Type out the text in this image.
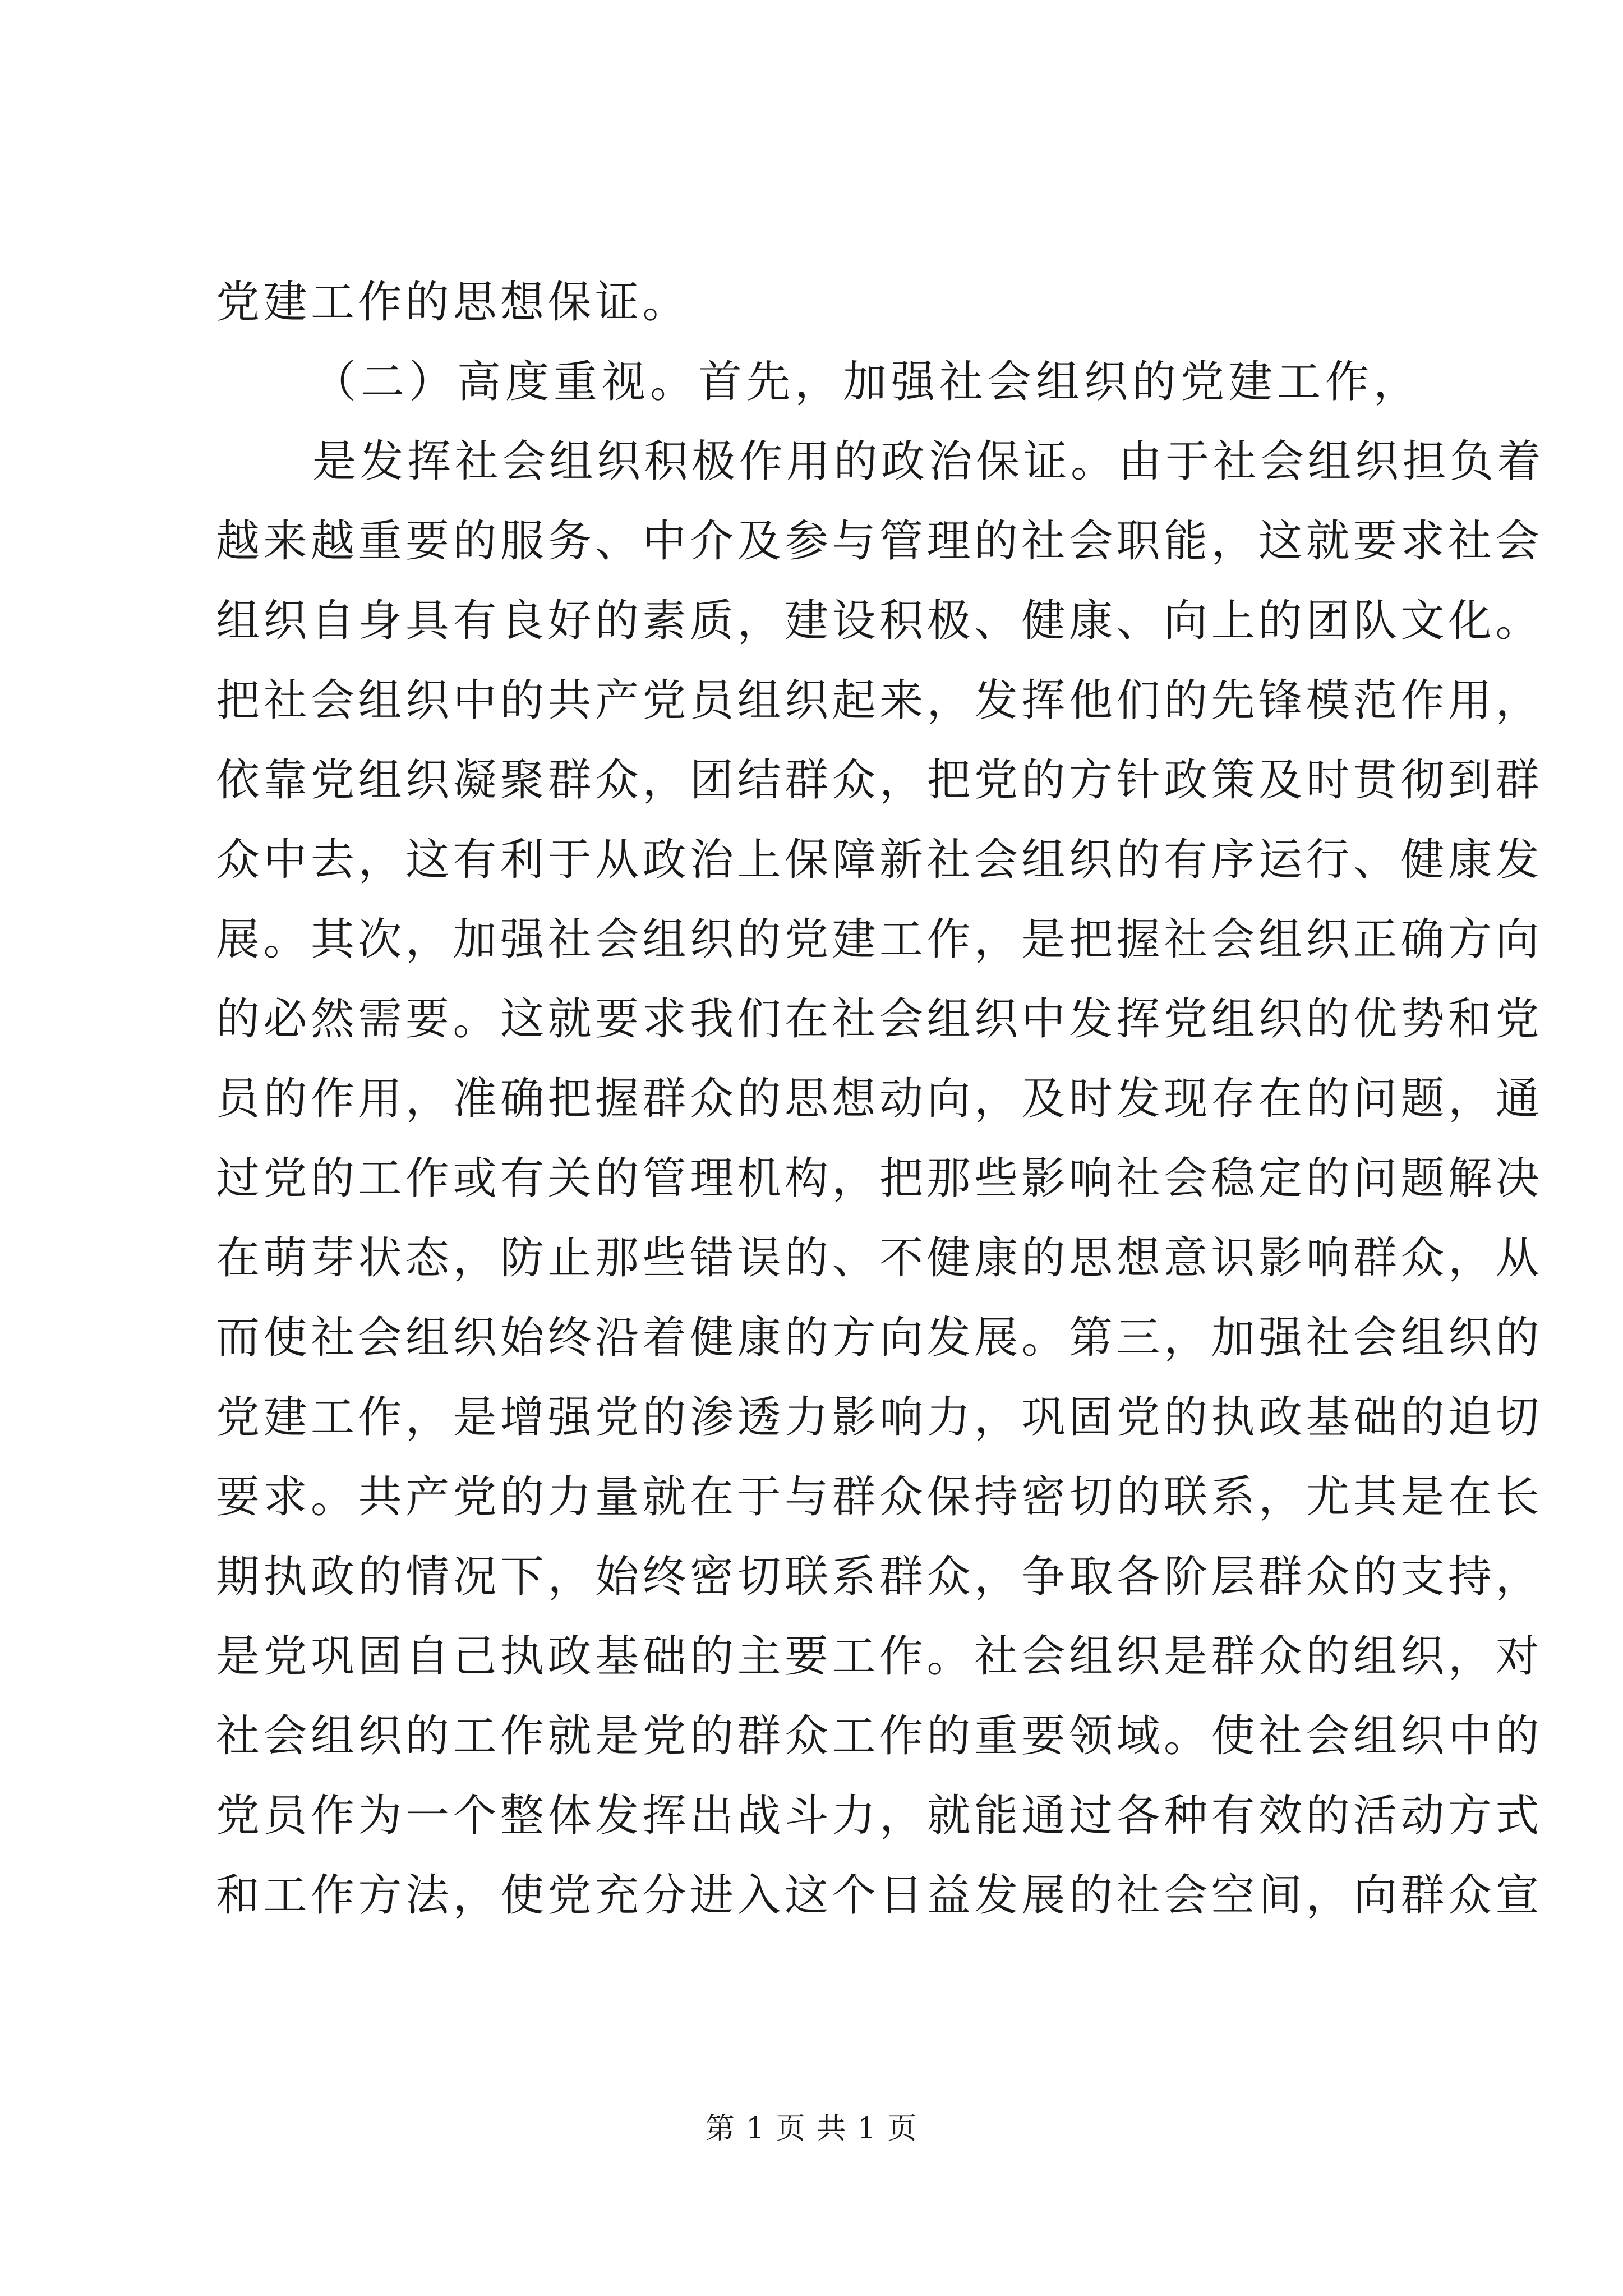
党建工作的思想保证。
（二）高度重视。首先，加强社会组织的党建工作，
是发挥社会组织积极作用的政治保证。由于社会组织担负着
越来越重要的服务、中介及参与管理的社会职能，这就要求社会
组织自身具有良好的素质，建设积极、健康、向上的团队文化。
把社会组织中的共产党员组织起来，发挥他们的先锋模范作用，
依靠党组织凝聚群众，团结群众，把党的方针政策及时贯彻到群
众中去，这有利于从政治上保障新社会组织的有序运行、健康发
展。其次，加强社会组织的党建工作，是把握社会组织正确方向
的必然需要。这就要求我们在社会组织中发挥党组织的优势和党
员的作用，准确把握群众的思想动向，及时发现存在的问题，通
过党的工作或有关的管理机构，把那些影响社会稳定的问题解决
在萌芽状态，防止那些错误的、不健康的思想意识影响群众，从
而使社会组织始终沿着健康的方向发展。第三，加强社会组织的
党建工作，是增强党的渗透力影响力，巩固党的执政基础的迫切
要求。共产党的力量就在于与群众保持密切的联系，尤其是在长
期执政的情况下，始终密切联系群众，争取各阶层群众的支持，
是党巩固自己执政基础的主要工作。社会组织是群众的组织，对
社会组织的工作就是党的群众工作的重要领域。使社会组织中的
党员作为一个整体发挥出战斗力，就能通过各种有效的活动方式
和工作方法，使党充分进入这个日益发展的社会空间，向群众宣
第 1 页 共 1 页
